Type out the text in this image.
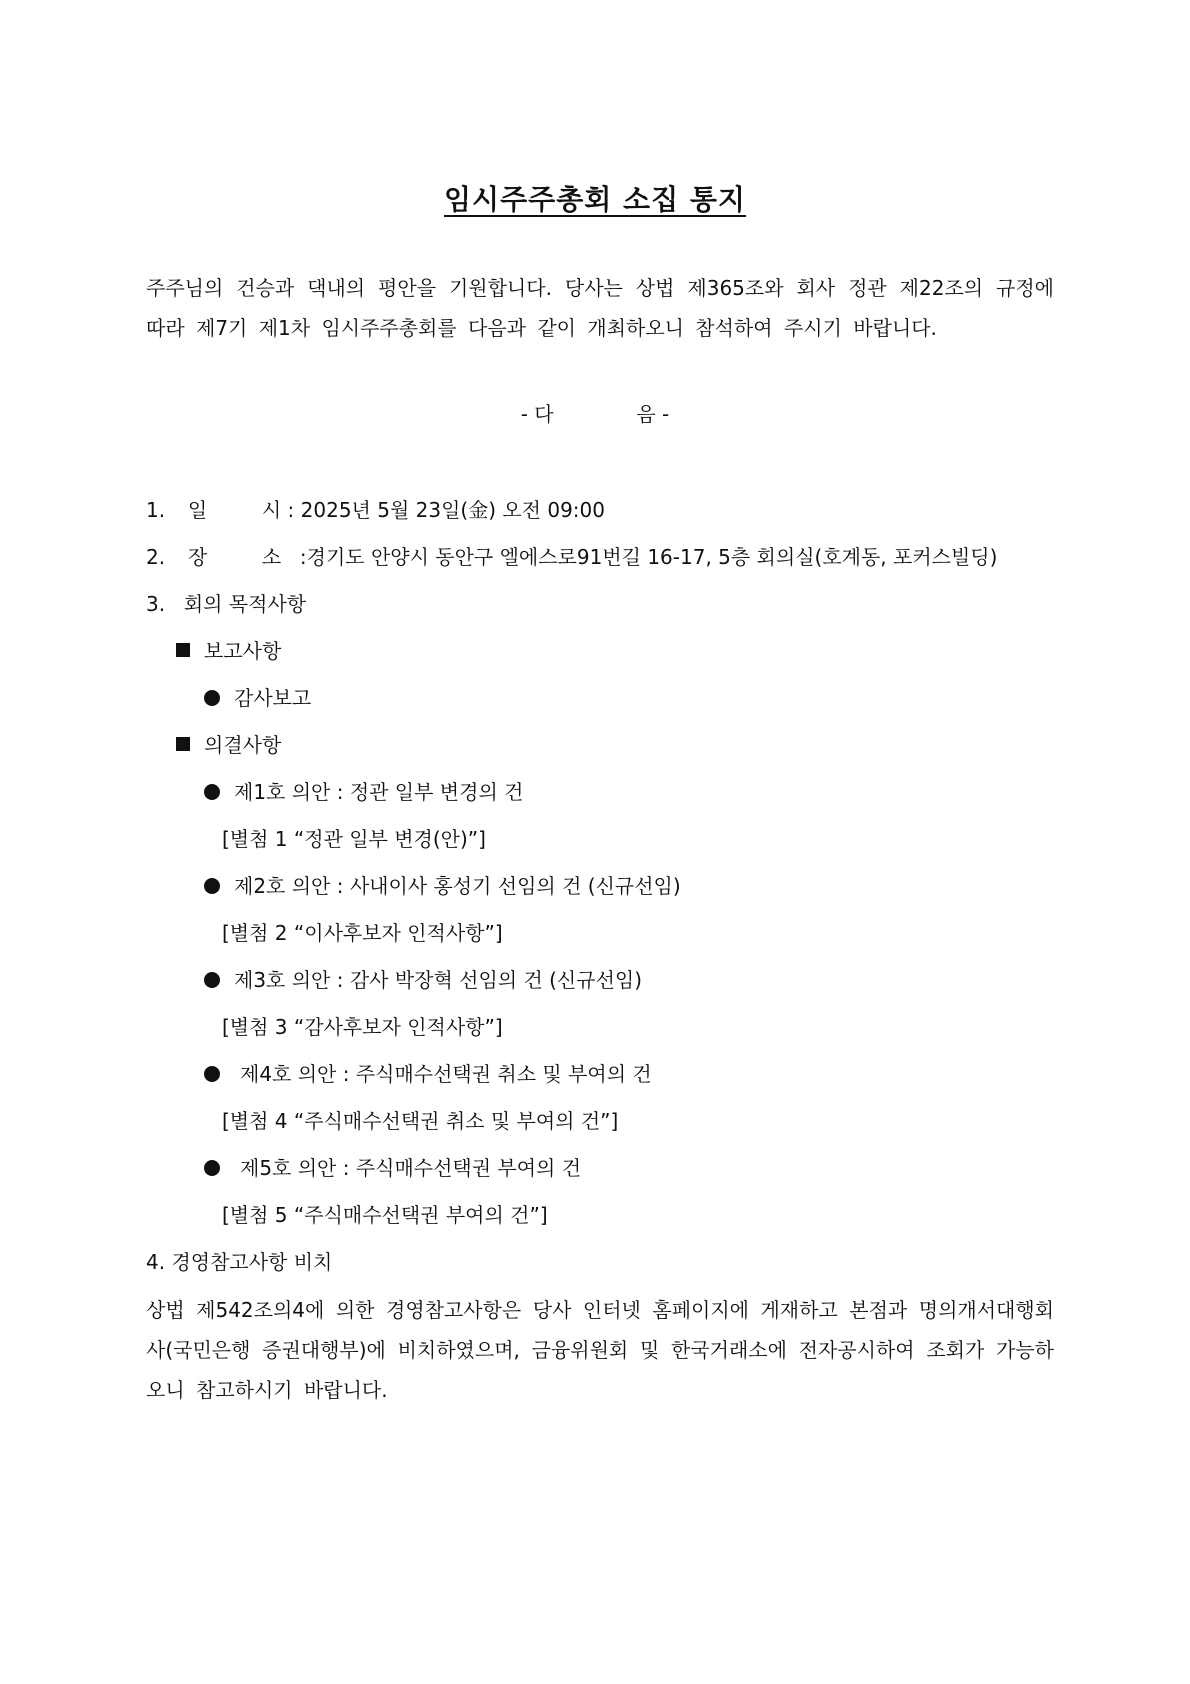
임시주주총회 소집 통지
주주님의 건승과 댁내의 평안을 기원합니다. 당사는 상법 제365조와 회사 정관 제22조의 규정에 따라 제7기 제1차 임시주주총회를 다음과 같이 개최하오니 참석하여 주시기 바랍니다.
- 다	음 -
1. 일	시 : 2025년 5월 23일(金) 오전 09:00
2. 장	소 :경기도 안양시 동안구 엘에스로91번길 16-17, 5층 회의실(호계동, 포커스빌딩)
3. 회의 목적사항
보고사항
감사보고
의결사항
제1호 의안 : 정관 일부 변경의 건
[별첨 1 “정관 일부 변경(안)”]
제2호 의안 : 사내이사 홍성기 선임의 건 (신규선임)
[별첨 2 “이사후보자 인적사항”]
제3호 의안 : 감사 박장혁 선임의 건 (신규선임)
[별첨 3 “감사후보자 인적사항”]
제4호 의안 : 주식매수선택권 취소 및 부여의 건
[별첨 4 “주식매수선택권 취소 및 부여의 건”]
제5호 의안 : 주식매수선택권 부여의 건
[별첨 5 “주식매수선택권 부여의 건”]
4. 경영참고사항 비치
상법 제542조의4에 의한 경영참고사항은 당사 인터넷 홈페이지에 게재하고 본점과 명의개서대행회사(국민은행 증권대행부)에 비치하였으며, 금융위원회 및 한국거래소에 전자공시하여 조회가 가능하오니 참고하시기 바랍니다.
